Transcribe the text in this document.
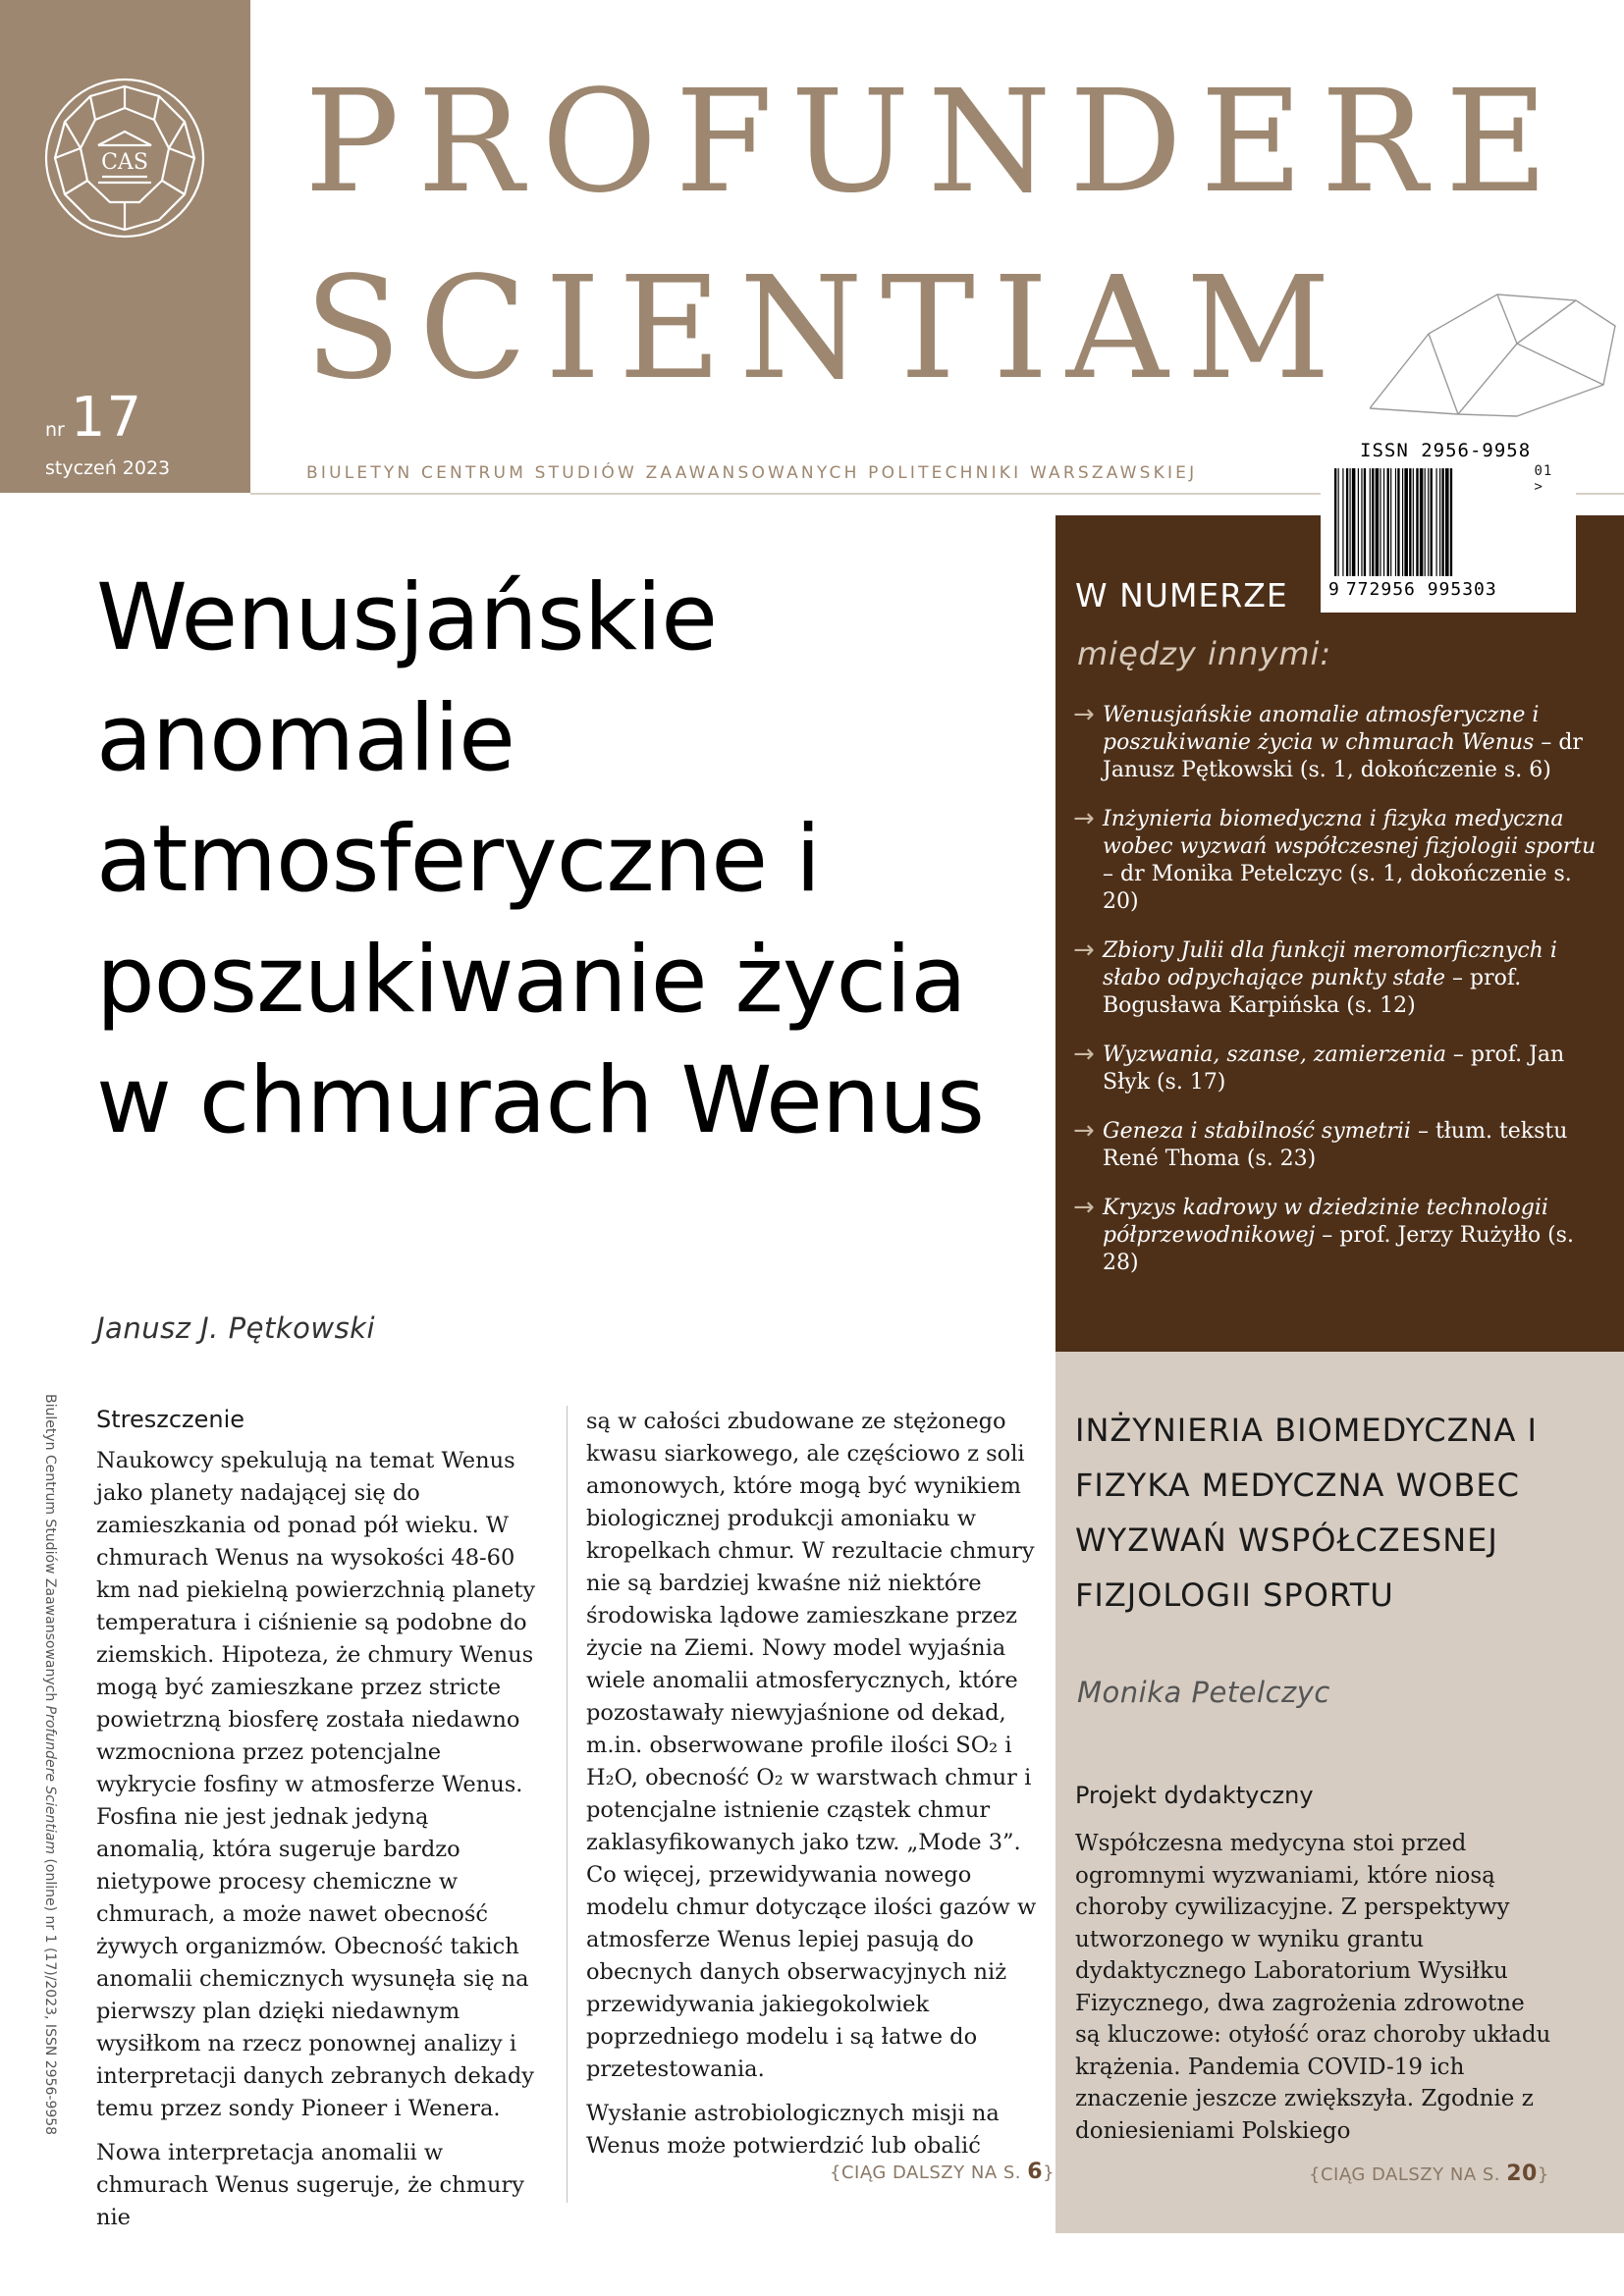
CAS
nr 17
styczeń 2023
PROFUNDERE
SCIENTIAM
BIULETYN CENTRUM STUDIÓW ZAAWANSOWANYCH POLITECHNIKI WARSZAWSKIEJ
W NUMERZE
między innymi:
→ Wenusjańskie anomalie atmosferyczne i poszukiwanie życia w chmurach Wenus – dr Janusz Pętkowski (s. 1, dokończenie s. 6)
→ Inżynieria biomedyczna i fizyka medyczna wobec wyzwań współczesnej fizjologii sportu – dr Monika Petelczyc (s. 1, dokończenie s. 20)
→ Zbiory Julii dla funkcji meromorficznych i słabo odpychające punkty stałe – prof. Bogusława Karpińska (s. 12)
→ Wyzwania, szanse, zamierzenia – prof. Jan Słyk (s. 17)
→ Geneza i stabilność symetrii – tłum. tekstu René Thoma (s. 23)
→ Kryzys kadrowy w dziedzinie technologii półprzewodnikowej – prof. Jerzy Rużyłło (s. 28)
ISSN 2956-9958
01 >
9 772956 995303
Wenusjańskie anomalie atmosferyczne i poszukiwanie życia w chmurach Wenus
Janusz J. Pętkowski
Biuletyn Centrum Studiów Zaawansowanych Profundere Scientiam (online) nr 1 (17)/2023, ISSN 2956-9958
Streszczenie

Naukowcy spekulują na temat Wenus jako planety nadającej się do zamieszkania od ponad pół wieku. W chmurach Wenus na wysokości 48-60 km nad piekielną powierzchnią planety temperatura i ciśnienie są podobne do ziemskich. Hipoteza, że chmury Wenus mogą być zamieszkane przez stricte powietrzną biosferę została niedawno wzmocniona przez potencjalne wykrycie fosfiny w atmosferze Wenus. Fosfina nie jest jednak jedyną anomalią, która sugeruje bardzo nietypowe procesy chemiczne w chmurach, a może nawet obecność żywych organizmów. Obecność takich anomalii chemicznych wysunęła się na pierwszy plan dzięki niedawnym wysiłkom na rzecz ponownej analizy i interpretacji danych zebranych dekady temu przez sondy Pioneer i Wenera.

Nowa interpretacja anomalii w chmurach Wenus sugeruje, że chmury nie

są w całości zbudowane ze stężonego kwasu siarkowego, ale częściowo z soli amonowych, które mogą być wynikiem biologicznej produkcji amoniaku w kropelkach chmur. W rezultacie chmury nie są bardziej kwaśne niż niektóre środowiska lądowe zamieszkane przez życie na Ziemi. Nowy model wyjaśnia wiele anomalii atmosferycznych, które pozostawały niewyjaśnione od dekad, m.in. obserwowane profile ilości SO₂ i H₂O, obecność O₂ w warstwach chmur i potencjalne istnienie cząstek chmur zaklasyfikowanych jako tzw. „Mode 3”. Co więcej, przewidywania nowego modelu chmur dotyczące ilości gazów w atmosferze Wenus lepiej pasują do obecnych danych obserwacyjnych niż przewidywania jakiegokolwiek poprzedniego modelu i są łatwe do przetestowania.

Wysłanie astrobiologicznych misji na Wenus może potwierdzić lub obalić

{CIĄG DALSZY NA S. 6}
INŻYNIERIA BIOMEDYCZNA I FIZYKA MEDYCZNA WOBEC WYZWAŃ WSPÓŁCZESNEJ FIZJOLOGII SPORTU
Monika Petelczyc
Projekt dydaktyczny

Współczesna medycyna stoi przed ogromnymi wyzwaniami, które niosą choroby cywilizacyjne. Z perspektywy utworzonego w wyniku grantu dydaktycznego Laboratorium Wysiłku Fizycznego, dwa zagrożenia zdrowotne są kluczowe: otyłość oraz choroby układu krążenia. Pandemia COVID-19 ich znaczenie jeszcze zwiększyła. Zgodnie z doniesieniami Polskiego

{CIĄG DALSZY NA S. 20}
